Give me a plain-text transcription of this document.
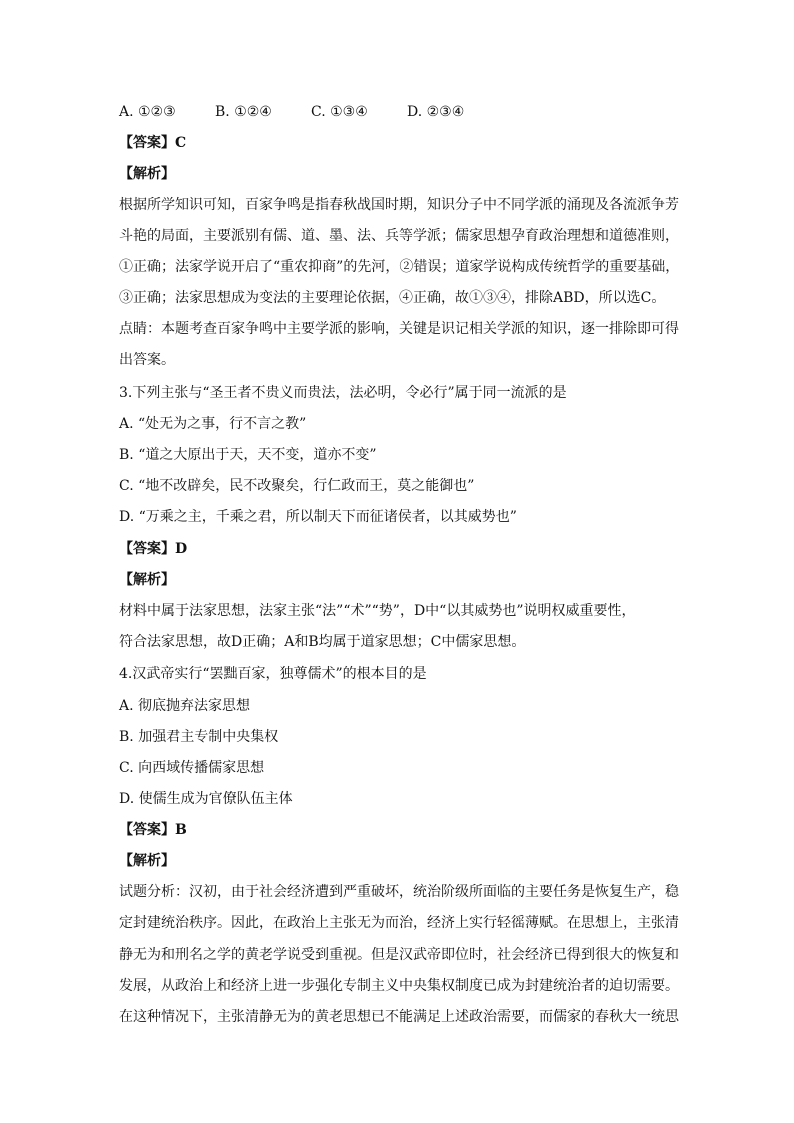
A. ①②③	B. ①②④	C. ①③④	D. ②③④
【答案】C
【解析】
根据所学知识可知，百家争鸣是指春秋战国时期，知识分子中不同学派的涌现及各流派争芳
斗艳的局面，主要派别有儒、道、墨、法、兵等学派；儒家思想孕育政治理想和道德准则，
①正确；法家学说开启了“重农抑商”的先河，②错误；道家学说构成传统哲学的重要基础，
③正确；法家思想成为变法的主要理论依据，④正确，故①③④，排除ABD，所以选C。
点睛：本题考查百家争鸣中主要学派的影响，关键是识记相关学派的知识，逐一排除即可得
出答案。
3.下列主张与“圣王者不贵义而贵法，法必明，令必行”属于同一流派的是
A. “处无为之事，行不言之教”
B. “道之大原出于天，天不变，道亦不变”
C. “地不改辟矣，民不改聚矣，行仁政而王，莫之能御也”
D. “万乘之主，千乘之君，所以制天下而征诸侯者，以其威势也”
【答案】D
【解析】
材料中属于法家思想，法家主张“法”“术”“势”，D中“以其威势也”说明权威重要性，
符合法家思想，故D正确；A和B均属于道家思想；C中儒家思想。
4.汉武帝实行“罢黜百家，独尊儒术”的根本目的是
A. 彻底抛弃法家思想
B. 加强君主专制中央集权
C. 向西域传播儒家思想
D. 使儒生成为官僚队伍主体
【答案】B
【解析】
试题分析：汉初，由于社会经济遭到严重破坏，统治阶级所面临的主要任务是恢复生产，稳
定封建统治秩序。因此，在政治上主张无为而治，经济上实行轻徭薄赋。在思想上，主张清
静无为和刑名之学的黄老学说受到重视。但是汉武帝即位时，社会经济已得到很大的恢复和
发展，从政治上和经济上进一步强化专制主义中央集权制度已成为封建统治者的迫切需要。
在这种情况下，主张清静无为的黄老思想已不能满足上述政治需要，而儒家的春秋大一统思
